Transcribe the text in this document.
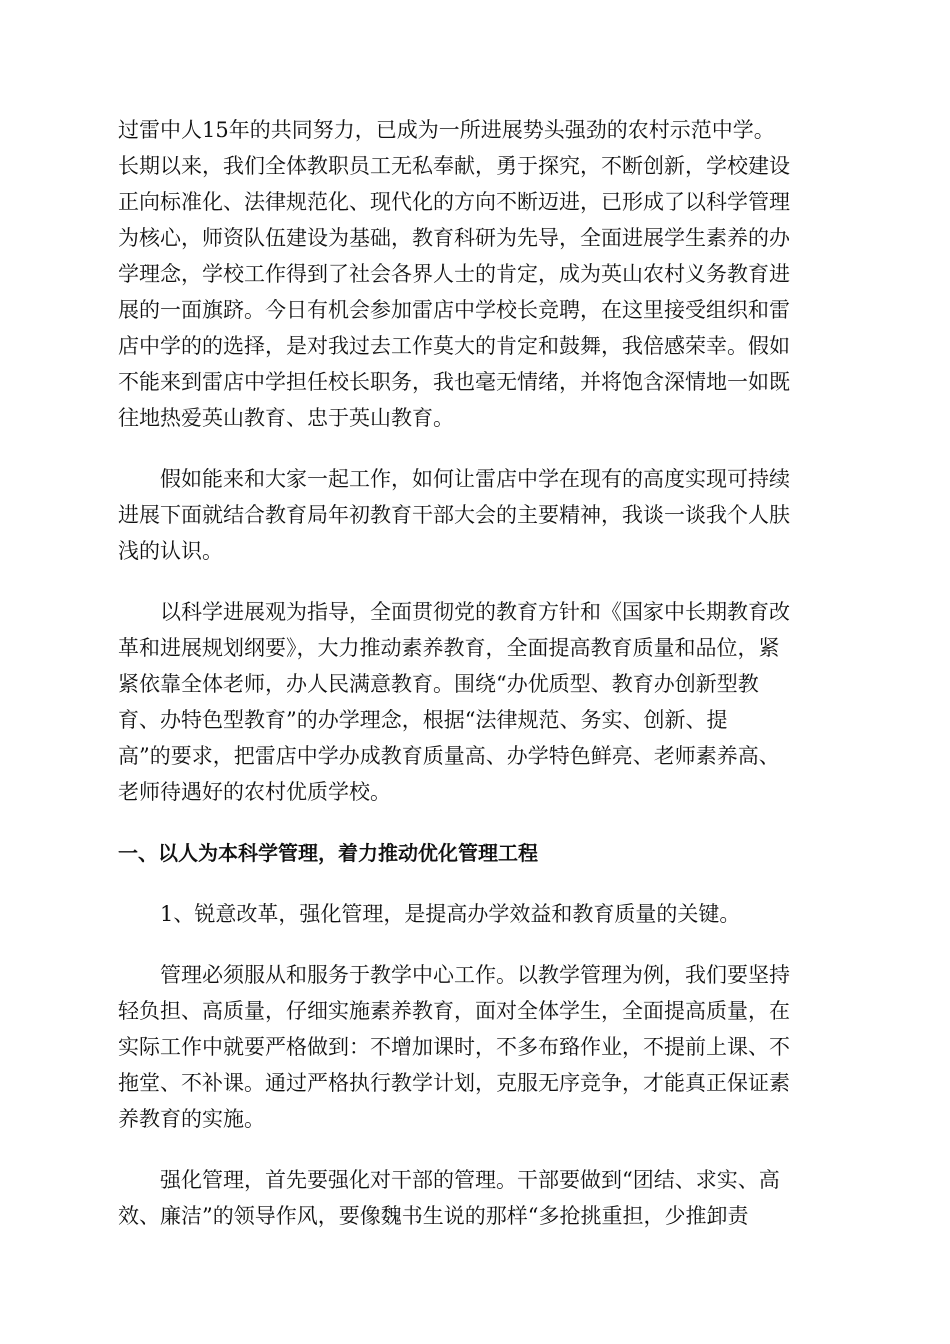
过雷中人15年的共同努力，已成为一所进展势头强劲的农村示范中学。
长期以来，我们全体教职员工无私奉献，勇于探究，不断创新，学校建设
正向标准化、法律规范化、现代化的方向不断迈进，已形成了以科学管理
为核心，师资队伍建设为基础，教育科研为先导，全面进展学生素养的办
学理念，学校工作得到了社会各界人士的肯定，成为英山农村义务教育进
展的一面旗跻。今日有机会参加雷店中学校长竞聘，在这里接受组织和雷
店中学的的选择，是对我过去工作莫大的肯定和鼓舞，我倍感荣幸。假如
不能来到雷店中学担任校长职务，我也毫无情绪，并将饱含深情地一如既
往地热爱英山教育、忠于英山教育。

　　假如能来和大家一起工作，如何让雷店中学在现有的高度实现可持续
进展下面就结合教育局年初教育干部大会的主要精神，我谈一谈我个人肤
浅的认识。

　　以科学进展观为指导，全面贯彻党的教育方针和《国家中长期教育改
革和进展规划纲要》，大力推动素养教育，全面提高教育质量和品位，紧
紧依靠全体老师，办人民满意教育。围绕“办优质型、教育办创新型教
育、办特色型教育”的办学理念，根据“法律规范、务实、创新、提
高”的要求，把雷店中学办成教育质量高、办学特色鲜亮、老师素养高、
老师待遇好的农村优质学校。

一、以人为本科学管理，着力推动优化管理工程

　　1、锐意改革，强化管理，是提高办学效益和教育质量的关键。

　　管理必须服从和服务于教学中心工作。以教学管理为例，我们要坚持
轻负担、高质量，仔细实施素养教育，面对全体学生，全面提高质量，在
实际工作中就要严格做到：不增加课时，不多布臵作业，不提前上课、不
拖堂、不补课。通过严格执行教学计划，克服无序竞争，才能真正保证素
养教育的实施。

　　强化管理，首先要强化对干部的管理。干部要做到“团结、求实、高
效、廉洁”的领导作风，要像魏书生说的那样“多抢挑重担，少推卸责
